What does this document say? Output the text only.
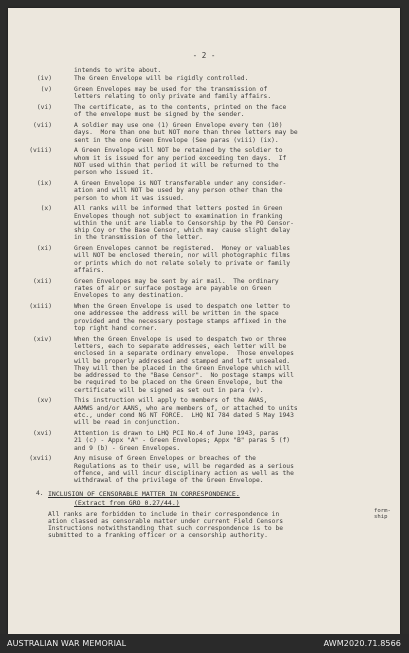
- 2 -
intends to write about.
(iv)	The Green Envelope will be rigidly controlled.
(v)	Green Envelopes may be used for the transmission of
letters relating to only private and family affairs.
(vi)	The certificate, as to the contents, printed on the face
of the envelope must be signed by the sender.
(vii)	A soldier may use one (1) Green Envelope every ten (10)
days.  More than one but NOT more than three letters may be
sent in the one Green Envelope (See paras (viii) (ix).
(viii)	A Green Envelope will NOT be retained by the soldier to
whom it is issued for any period exceeding ten days.  If
NOT used within that period it will be returned to the
person who issued it.
(ix)	A Green Envelope is NOT transferable under any consider-
ation and will NOT be used by any person other than the
person to whom it was issued.
(x)	All ranks will be informed that letters posted in Green
Envelopes though not subject to examination in franking
within the unit are liable to Censorship by the PO Censor-
ship Coy or the Base Censor, which may cause slight delay
in the transmission of the letter.
(xi)	Green Envelopes cannot be registered.  Money or valuables
will NOT be enclosed therein, nor will photographic films
or prints which do not relate solely to private or family
affairs.
(xii)	Green Envelopes may be sent by air mail.  The ordinary
rates of air or surface postage are payable on Green
Envelopes to any destination.
(xiii)	When the Green Envelope is used to despatch one letter to
one addressee the address will be written in the space
provided and the necessary postage stamps affixed in the
top right hand corner.
(xiv)	When the Green Envelope is used to despatch two or three
letters, each to separate addresses, each letter will be
enclosed in a separate ordinary envelope.  Those envelopes
will be properly addressed and stamped and left unsealed.
They will then be placed in the Green Envelope which will
be addressed to the "Base Censor".  No postage stamps will
be required to be placed on the Green Envelope, but the
certificate will be signed as set out in para (v).
(xv)	This instruction will apply to members of the AWAS,
AAMWS and/or AANS, who are members of, or attached to units
etc., under comd NG NT FORCE.  LHQ NI 784 dated 5 May 1943
will be read in conjunction.
(xvi)	Attention is drawn to LHQ PCI No.4 of June 1943, paras
21 (c) - Appx "A" - Green Envelopes; Appx "B" paras 5 (f)
and 9 (b) - Green Envelopes.
(xvii)	Any misuse of Green Envelopes or breaches of the
Regulations as to their use, will be regarded as a serious
offence, and will incur disciplinary action as well as the
withdrawal of the privilege of the Green Envelope.
4. INCLUSION OF CENSORABLE MATTER IN CORRESPONDENCE.
(Extract from GRO 0.27/44.)
All ranks are forbidden to include in their correspondence in
ation classed as censorable matter under current Field Censors
Instructions notwithstanding that such correspondence is to be
submitted to a franking officer or a censorship authority.
form-
ship
AUSTRALIAN WAR MEMORIAL	AWM2020.71.8566
